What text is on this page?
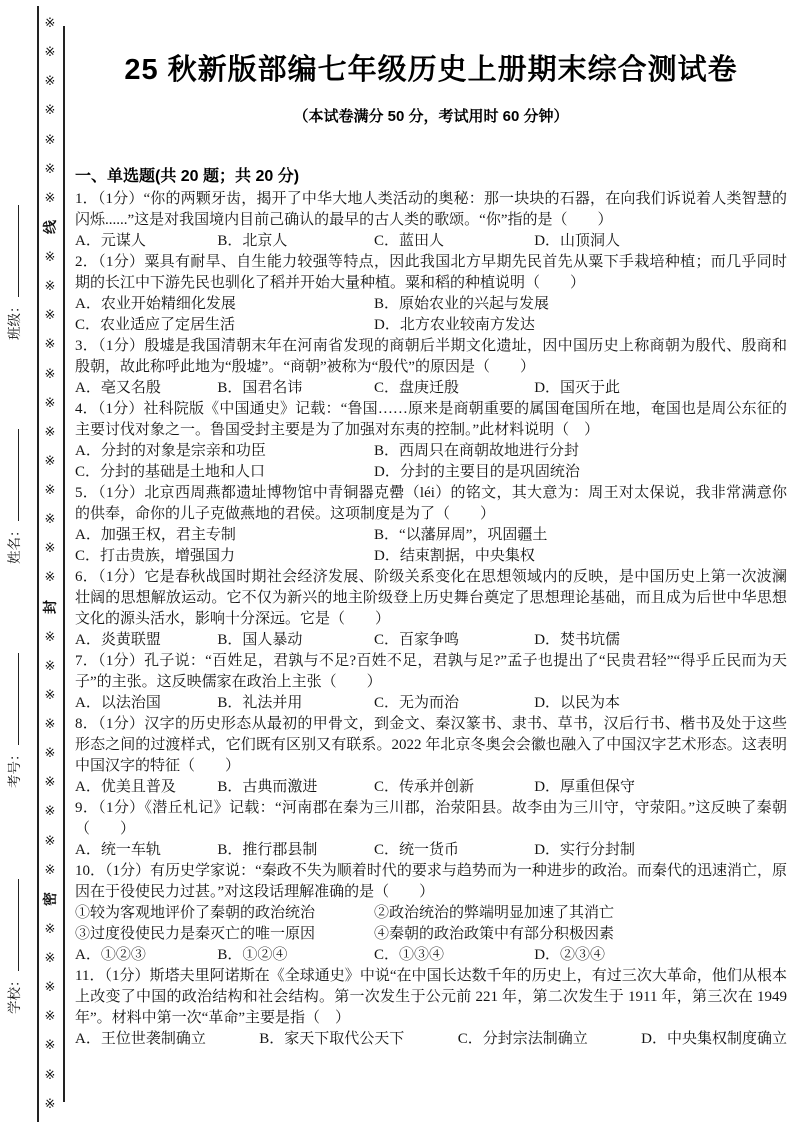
班级：
姓名：
考号：
学校：
※
※
※
※
※
※
※
线
※
※
※
※
※
※
※
※
※
※
※
※
封
※
※
※
※
※
※
※
※
※
密
※
※
※
※
※
※
※
25 秋新版部编七年级历史上册期末综合测试卷
（本试卷满分 50 分，考试用时 60 分钟）
一、单选题(共 20 题；共 20 分)

1．（1分）“你的两颗牙齿，揭开了中华大地人类活动的奥秘：那一块块的石器，在向我们诉说着人类智慧的闪烁......”这是对我国境内目前己确认的最早的古人类的歌颂。“你”指的是（　　）

A．元谋人	B．北京人	C．蓝田人	D．山顶洞人

2．（1分）粟具有耐旱、自生能力较强等特点，因此我国北方早期先民首先从粟下手栽培种植；而几乎同时期的长江中下游先民也驯化了稻并开始大量种植。粟和稻的种植说明（　　）

A．农业开始精细化发展	B．原始农业的兴起与发展
C．农业适应了定居生活	D．北方农业较南方发达

3．（1分）殷墟是我国清朝末年在河南省发现的商朝后半期文化遗址，因中国历史上称商朝为殷代、殷商和殷朝，故此称呼此地为“殷墟”。“商朝”被称为“殷代”的原因是（　　）

A．亳又名殷	B．国君名讳	C．盘庚迁殷	D．国灭于此

4．（1分）社科院版《中国通史》记载：“鲁国……原来是商朝重要的属国奄国所在地，奄国也是周公东征的主要讨伐对象之一。鲁国受封主要是为了加强对东夷的控制。”此材料说明（　）

A．分封的对象是宗亲和功臣	B．西周只在商朝故地进行分封
C．分封的基础是土地和人口	D．分封的主要目的是巩固统治

5．（1分）北京西周燕都遗址博物馆中青铜器克罍（léi）的铭文，其大意为：周王对太保说，我非常满意你的供奉，命你的儿子克做燕地的君侯。这项制度是为了（　　）

A．加强王权，君主专制	B．“以藩屏周”，巩固疆土
C．打击贵族，增强国力	D．结束割据，中央集权

6．（1分）它是春秋战国时期社会经济发展、阶级关系变化在思想领域内的反映，是中国历史上第一次波澜壮阔的思想解放运动。它不仅为新兴的地主阶级登上历史舞台奠定了思想理论基础，而且成为后世中华思想文化的源头活水，影响十分深远。它是（　　）

A．炎黄联盟	B．国人暴动	C．百家争鸣	D．焚书坑儒

7．（1分）孔子说：“百姓足，君孰与不足?百姓不足，君孰与足?”孟子也提出了“民贵君轻”“得乎丘民而为天子”的主张。这反映儒家在政治上主张（　　）

A．以法治国	B．礼法并用	C．无为而治	D．以民为本

8．（1分）汉字的历史形态从最初的甲骨文，到金文、秦汉篆书、隶书、草书，汉后行书、楷书及处于这些形态之间的过渡样式，它们既有区别又有联系。2022 年北京冬奥会会徽也融入了中国汉字艺术形态。这表明中国汉字的特征（　　）

A．优美且普及	B．古典而激进	C．传承并创新	D．厚重但保守

9．（1分）《潜丘札记》记载：“河南郡在秦为三川郡，治荥阳县。故李由为三川守，守荥阳。”这反映了秦朝（　　）

A．统一车轨	B．推行郡县制	C．统一货币	D．实行分封制

10．（1分）有历史学家说：“秦政不失为顺着时代的要求与趋势而为一种进步的政治。而秦代的迅速消亡，原因在于役使民力过甚。”对这段话理解准确的是（　　）

①较为客观地评价了秦朝的政治统治	②政治统治的弊端明显加速了其消亡
③过度役使民力是秦灭亡的唯一原因	④秦朝的政治政策中有部分积极因素
A．①②③	B．①②④	C．①③④	D．②③④

11．（1分）斯塔夫里阿诺斯在《全球通史》中说“在中国长达数千年的历史上，有过三次大革命，他们从根本上改变了中国的政治结构和社会结构。第一次发生于公元前 221 年，第二次发生于 1911 年，第三次在 1949 年”。材料中第一次“革命”主要是指（　）

A．王位世袭制确立	B．家天下取代公天下	C．分封宗法制确立	D．中央集权制度确立
